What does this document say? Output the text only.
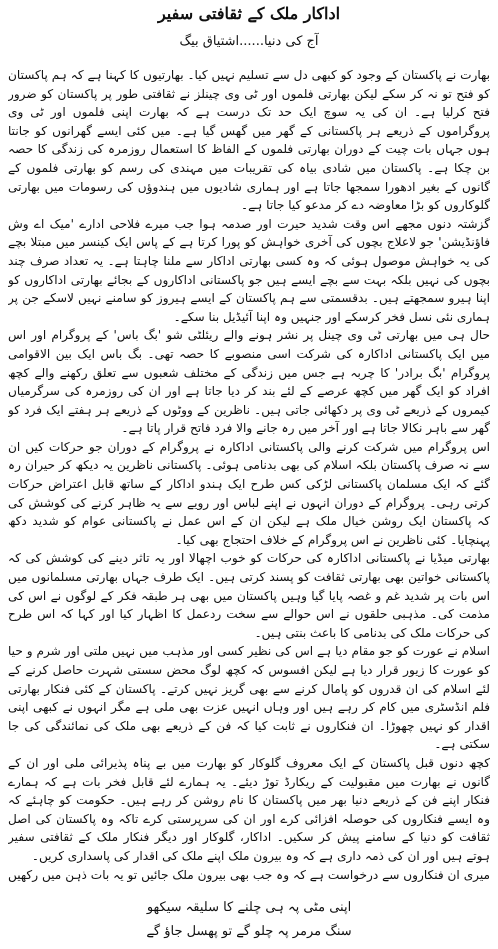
اداکار ملک کے ثقافتی سفیر
آج کی دنیا......اشتیاق بیگ

بھارت نے پاکستان کے وجود کو کبھی دل سے تسلیم نہیں کیا۔ بھارتیوں کا کہنا ہے کہ ہم پاکستان کو فتح تو نہ کر سکے لیکن بھارتی فلموں اور ٹی وی چینلز نے ثقافتی طور پر پاکستان کو ضرور فتح کرلیا ہے۔ ان کی یہ سوچ ایک حد تک درست ہے کہ بھارت اپنی فلموں اور ٹی وی پروگراموں کے ذریعے ہر پاکستانی کے گھر میں گھس گیا ہے۔ میں کئی ایسے گھرانوں کو جانتا ہوں جہاں بات چیت کے دوران بھارتی فلموں کے الفاظ کا استعمال روزمرہ کی زندگی کا حصہ بن چکا ہے۔ پاکستان میں شادی بیاہ کی تقریبات میں مہندی کی رسم کو بھارتی فلموں کے گانوں کے بغیر ادھورا سمجھا جاتا ہے اور ہماری شادیوں میں ہندوؤں کی رسومات میں بھارتی گلوکاروں کو بڑا معاوضہ دے کر مدعو کیا جاتا ہے۔

گزشتہ دنوں مجھے اس وقت شدید حیرت اور صدمہ ہوا جب میرے فلاحی ادارے 'میک اے وش فاؤنڈیشن' جو لاعلاج بچوں کی آخری خواہش کو پورا کرتا ہے کے پاس ایک کینسر میں مبتلا بچے کی یہ خواہش موصول ہوئی کہ وہ کسی بھارتی اداکار سے ملنا چاہتا ہے۔ یہ تعداد صرف چند بچوں کی نہیں بلکہ بہت سے بچے ایسے ہیں جو پاکستانی اداکاروں کے بجائے بھارتی اداکاروں کو اپنا ہیرو سمجھتے ہیں۔ بدقسمتی سے ہم پاکستان کے ایسے ہیروز کو سامنے نہیں لاسکے جن پر ہماری نئی نسل فخر کرسکے اور جنہیں وہ اپنا آئیڈیل بنا سکے۔

حال ہی میں بھارتی ٹی وی چینل پر نشر ہونے والے ریئلٹی شو 'بگ باس' کے پروگرام اور اس میں ایک پاکستانی اداکارہ کی شرکت اسی منصوبے کا حصہ تھی۔ بگ باس ایک بین الاقوامی پروگرام 'بگ برادر' کا چربہ ہے جس میں زندگی کے مختلف شعبوں سے تعلق رکھنے والے کچھ افراد کو ایک گھر میں کچھ عرصے کے لئے بند کر دیا جاتا ہے اور ان کی روزمرہ کی سرگرمیاں کیمروں کے ذریعے ٹی وی پر دکھائی جاتی ہیں۔ ناظرین کے ووٹوں کے ذریعے ہر ہفتے ایک فرد کو گھر سے باہر نکالا جاتا ہے اور آخر میں رہ جانے والا فرد فاتح قرار پاتا ہے۔

اس پروگرام میں شرکت کرنے والی پاکستانی اداکارہ نے پروگرام کے دوران جو حرکات کیں ان سے نہ صرف پاکستان بلکہ اسلام کی بھی بدنامی ہوئی۔ پاکستانی ناظرین یہ دیکھ کر حیران رہ گئے کہ ایک مسلمان پاکستانی لڑکی کس طرح ایک ہندو اداکار کے ساتھ قابل اعتراض حرکات کرتی رہی۔ پروگرام کے دوران انہوں نے اپنے لباس اور رویے سے یہ ظاہر کرنے کی کوشش کی کہ پاکستان ایک روشن خیال ملک ہے لیکن ان کے اس عمل نے پاکستانی عوام کو شدید دکھ پہنچایا۔ کئی ناظرین نے اس پروگرام کے خلاف احتجاج بھی کیا۔

بھارتی میڈیا نے پاکستانی اداکارہ کی حرکات کو خوب اچھالا اور یہ تاثر دینے کی کوشش کی کہ پاکستانی خواتین بھی بھارتی ثقافت کو پسند کرتی ہیں۔ ایک طرف جہاں بھارتی مسلمانوں میں اس بات پر شدید غم و غصہ پایا گیا وہیں پاکستان میں بھی ہر طبقہ فکر کے لوگوں نے اس کی مذمت کی۔ مذہبی حلقوں نے اس حوالے سے سخت ردعمل کا اظہار کیا اور کہا کہ اس طرح کی حرکات ملک کی بدنامی کا باعث بنتی ہیں۔

اسلام نے عورت کو جو مقام دیا ہے اس کی نظیر کسی اور مذہب میں نہیں ملتی اور شرم و حیا کو عورت کا زیور قرار دیا ہے لیکن افسوس کہ کچھ لوگ محض سستی شہرت حاصل کرنے کے لئے اسلام کی ان قدروں کو پامال کرنے سے بھی گریز نہیں کرتے۔ پاکستان کے کئی فنکار بھارتی فلم انڈسٹری میں کام کر رہے ہیں اور وہاں انہیں عزت بھی ملی ہے مگر انہوں نے کبھی اپنی اقدار کو نہیں چھوڑا۔ ان فنکاروں نے ثابت کیا کہ فن کے ذریعے بھی ملک کی نمائندگی کی جا سکتی ہے۔

کچھ دنوں قبل پاکستان کے ایک معروف گلوکار کو بھارت میں بے پناہ پذیرائی ملی اور ان کے گانوں نے بھارت میں مقبولیت کے ریکارڈ توڑ دیئے۔ یہ ہمارے لئے قابل فخر بات ہے کہ ہمارے فنکار اپنے فن کے ذریعے دنیا بھر میں پاکستان کا نام روشن کر رہے ہیں۔ حکومت کو چاہئے کہ وہ ایسے فنکاروں کی حوصلہ افزائی کرے اور ان کی سرپرستی کرے تاکہ وہ پاکستان کی اصل ثقافت کو دنیا کے سامنے پیش کر سکیں۔ اداکار، گلوکار اور دیگر فنکار ملک کے ثقافتی سفیر ہوتے ہیں اور ان کی ذمہ داری ہے کہ وہ بیرون ملک اپنے ملک کی اقدار کی پاسداری کریں۔

میری ان فنکاروں سے درخواست ہے کہ وہ جب بھی بیرون ملک جائیں تو یہ بات ذہن میں رکھیں

اپنی مٹی پہ ہی چلنے کا سلیقہ سیکھو
سنگ مرمر پہ چلو گے تو پھسل جاؤ گے
